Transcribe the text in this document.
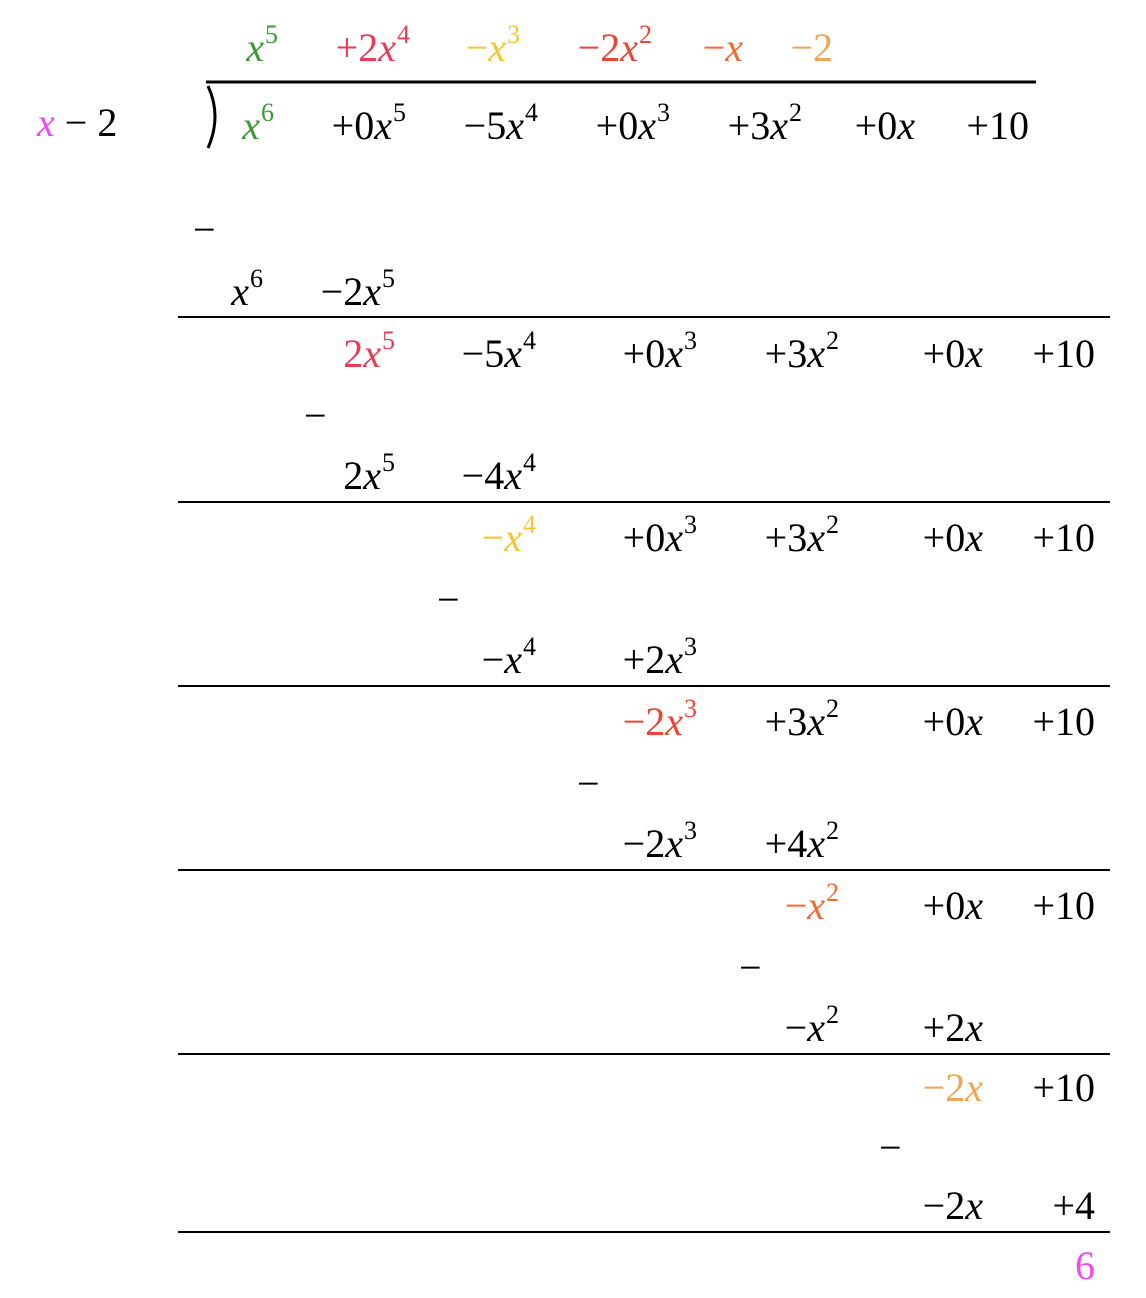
x − 2
$x^5 +2x^4 -x^3 -2x^2 -x -2$
$x^6 +0x^5 -5x^4 +0x^3 +3x^2 +0x +10$
−
$x^6 -2x^5$
$2x^5 -5x^4 +0x^3 +3x^2 +0x +10$
−
$2x^5 -4x^4$
$-x^4 +0x^3 +3x^2 +0x +10$
−
$-x^4 +2x^3$
$-2x^3 +3x^2 +0x +10$
−
$-2x^3 +4x^2$
$-x^2 +0x +10$
−
$-x^2 +2x$
−2x +10
−
−2x +4
6
